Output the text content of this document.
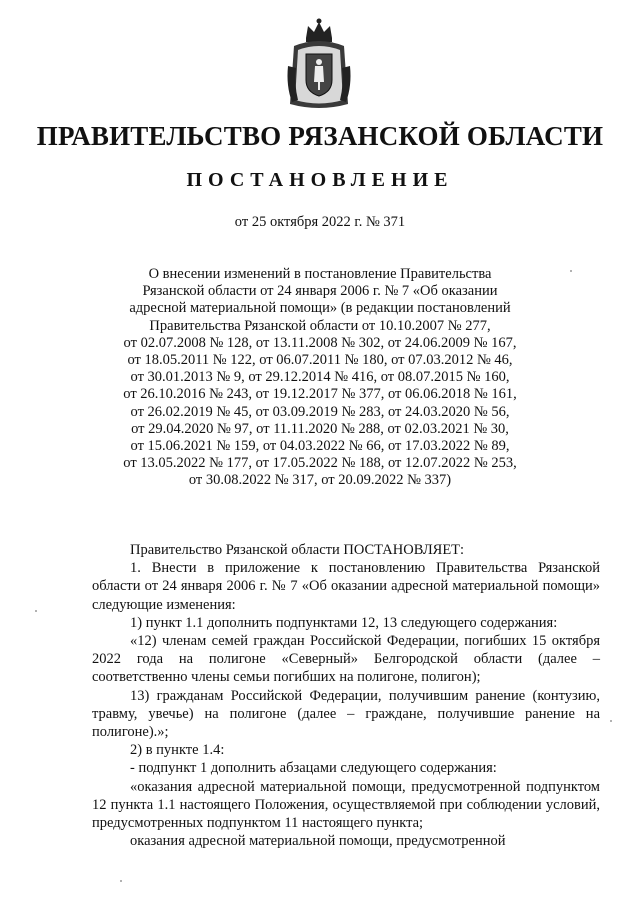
ПРАВИТЕЛЬСТВО РЯЗАНСКОЙ ОБЛАСТИ
ПОСТАНОВЛЕНИЕ
от 25 октября 2022 г. № 371
О внесении изменений в постановление Правительства
Рязанской области от 24 января 2006 г. № 7 «Об оказании
адресной материальной помощи» (в редакции постановлений
Правительства Рязанской области от 10.10.2007 № 277,
от 02.07.2008 № 128, от 13.11.2008 № 302, от 24.06.2009 № 167,
от 18.05.2011 № 122, от 06.07.2011 № 180, от 07.03.2012 № 46,
от 30.01.2013 № 9, от 29.12.2014 № 416, от 08.07.2015 № 160,
от 26.10.2016 № 243, от 19.12.2017 № 377, от 06.06.2018 № 161,
от 26.02.2019 № 45, от 03.09.2019 № 283, от 24.03.2020 № 56,
от 29.04.2020 № 97, от 11.11.2020 № 288, от 02.03.2021 № 30,
от 15.06.2021 № 159, от 04.03.2022 № 66, от 17.03.2022 № 89,
от 13.05.2022 № 177, от 17.05.2022 № 188, от 12.07.2022 № 253,
от 30.08.2022 № 317, от 20.09.2022 № 337)

Правительство Рязанской области ПОСТАНОВЛЯЕТ:

1. Внести в приложение к постановлению Правительства Рязанской области от 24 января 2006 г. № 7 «Об оказании адресной материальной помощи» следующие изменения:

1) пункт 1.1 дополнить подпунктами 12, 13 следующего содержания:

«12) членам семей граждан Российской Федерации, погибших 15 октября 2022 года на полигоне «Северный» Белгородской области (далее – соответственно члены семьи погибших на полигоне, полигон);

13) гражданам Российской Федерации, получившим ранение (контузию, травму, увечье) на полигоне (далее – граждане, получившие ранение на полигоне).»;

2) в пункте 1.4:

- подпункт 1 дополнить абзацами следующего содержания:

«оказания адресной материальной помощи, предусмотренной подпунктом 12 пункта 1.1 настоящего Положения, осуществляемой при соблюдении условий, предусмотренных подпунктом 11 настоящего пункта;

оказания адресной материальной помощи, предусмотренной
